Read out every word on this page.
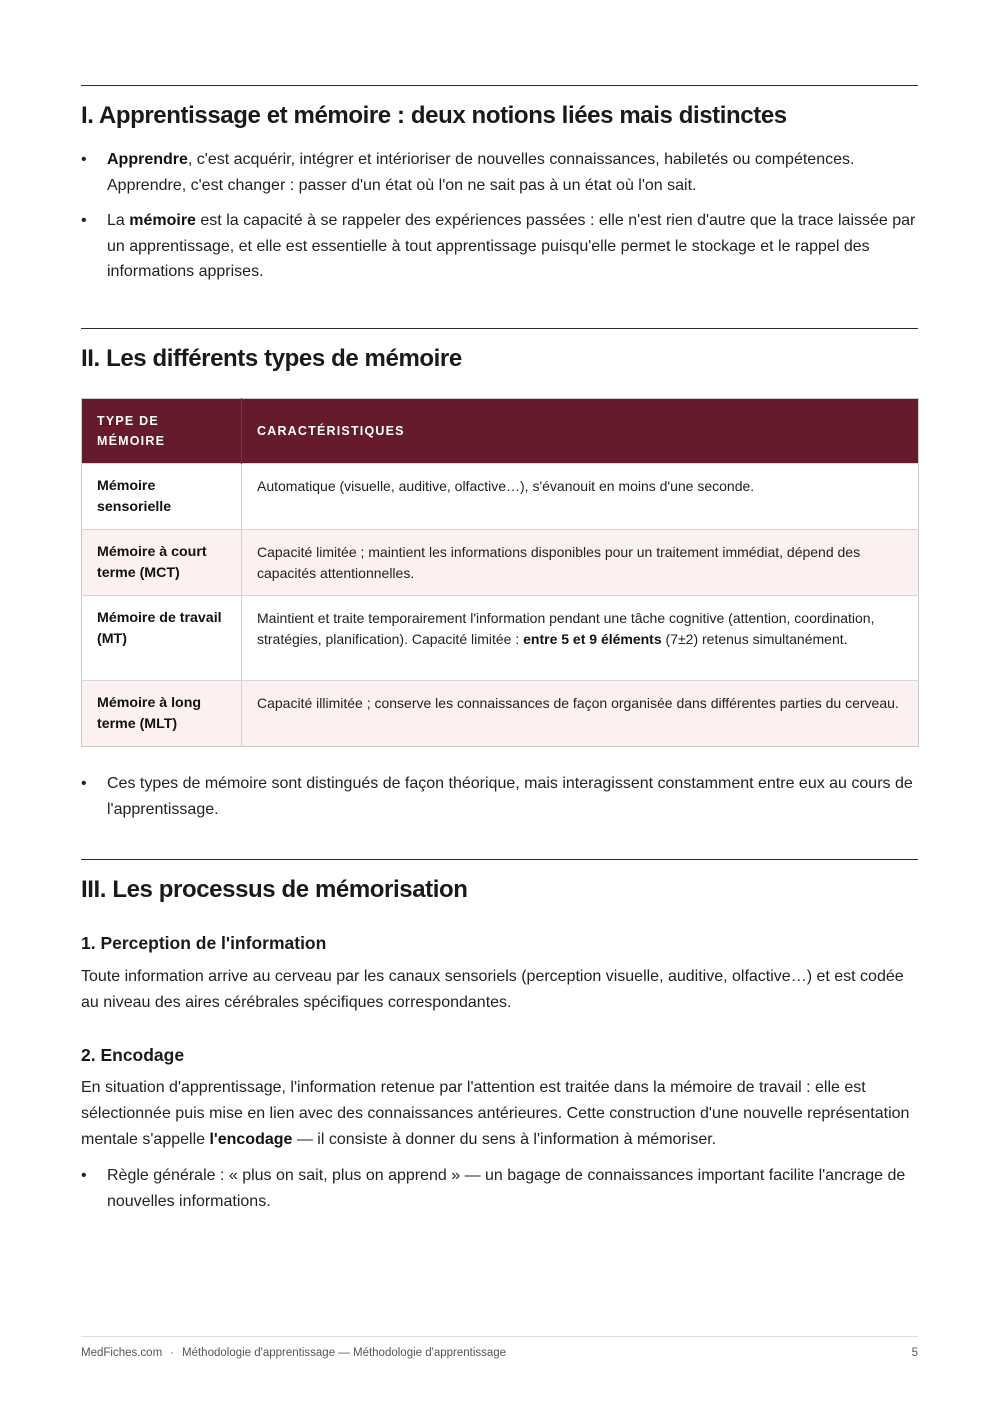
I. Apprentissage et mémoire : deux notions liées mais distinctes
• Apprendre, c'est acquérir, intégrer et intérioriser de nouvelles connaissances, habiletés ou compétences. Apprendre, c'est changer : passer d'un état où l'on ne sait pas à un état où l'on sait.
• La mémoire est la capacité à se rappeler des expériences passées : elle n'est rien d'autre que la trace laissée par un apprentissage, et elle est essentielle à tout apprentissage puisqu'elle permet le stockage et le rappel des informations apprises.
II. Les différents types de mémoire
TYPE DE MÉMOIRE	CARACTÉRISTIQUES
Mémoire sensorielle	Automatique (visuelle, auditive, olfactive…), s'évanouit en moins d'une seconde.
Mémoire à court terme (MCT)	Capacité limitée ; maintient les informations disponibles pour un traitement immédiat, dépend des capacités attentionnelles.
Mémoire de travail (MT)	Maintient et traite temporairement l'information pendant une tâche cognitive (attention, coordination, stratégies, planification). Capacité limitée : entre 5 et 9 éléments (7±2) retenus simultanément.
Mémoire à long terme (MLT)	Capacité illimitée ; conserve les connaissances de façon organisée dans différentes parties du cerveau.
• Ces types de mémoire sont distingués de façon théorique, mais interagissent constamment entre eux au cours de l'apprentissage.
III. Les processus de mémorisation
1. Perception de l'information

Toute information arrive au cerveau par les canaux sensoriels (perception visuelle, auditive, olfactive…) et est codée au niveau des aires cérébrales spécifiques correspondantes.

2. Encodage

En situation d'apprentissage, l'information retenue par l'attention est traitée dans la mémoire de travail : elle est sélectionnée puis mise en lien avec des connaissances antérieures. Cette construction d'une nouvelle représentation mentale s'appelle l'encodage — il consiste à donner du sens à l'information à mémoriser.

• Règle générale : « plus on sait, plus on apprend » — un bagage de connaissances important facilite l'ancrage de nouvelles informations.
MedFiches.com · Méthodologie d'apprentissage — Méthodologie d'apprentissage	5
